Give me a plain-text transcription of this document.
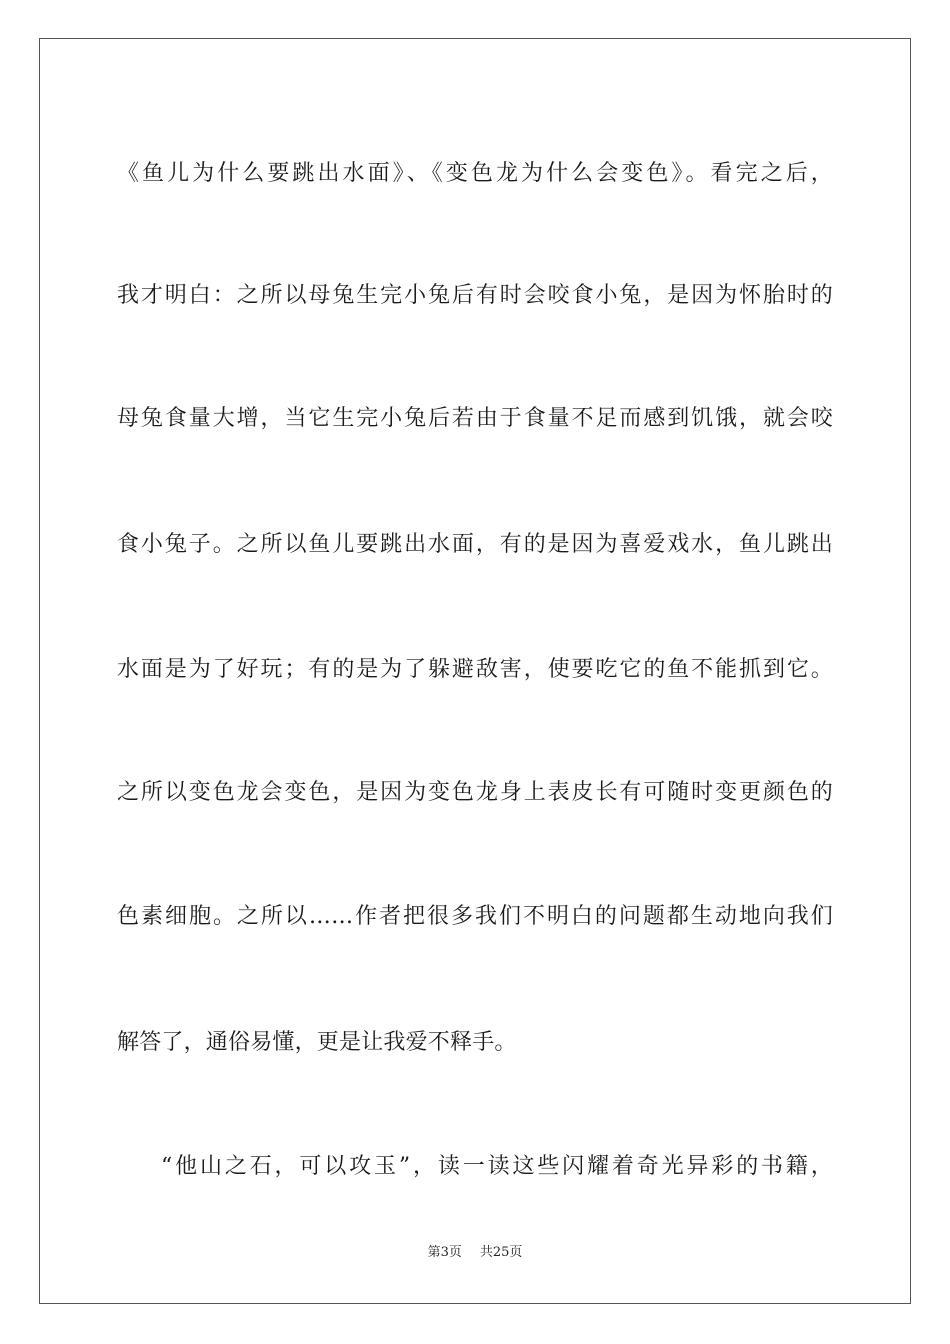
《鱼儿为什么要跳出水面》、《变色龙为什么会变色》。看完之后，

我才明白：之所以母兔生完小兔后有时会咬食小兔，是因为怀胎时的

母兔食量大增，当它生完小兔后若由于食量不足而感到饥饿，就会咬

食小兔子。之所以鱼儿要跳出水面，有的是因为喜爱戏水，鱼儿跳出

水面是为了好玩；有的是为了躲避敌害，使要吃它的鱼不能抓到它。

之所以变色龙会变色，是因为变色龙身上表皮长有可随时变更颜色的

色素细胞。之所以……作者把很多我们不明白的问题都生动地向我们

解答了，通俗易懂，更是让我爱不释手。

“他山之石，可以攻玉”，读一读这些闪耀着奇光异彩的书籍，

第3页 共25页
